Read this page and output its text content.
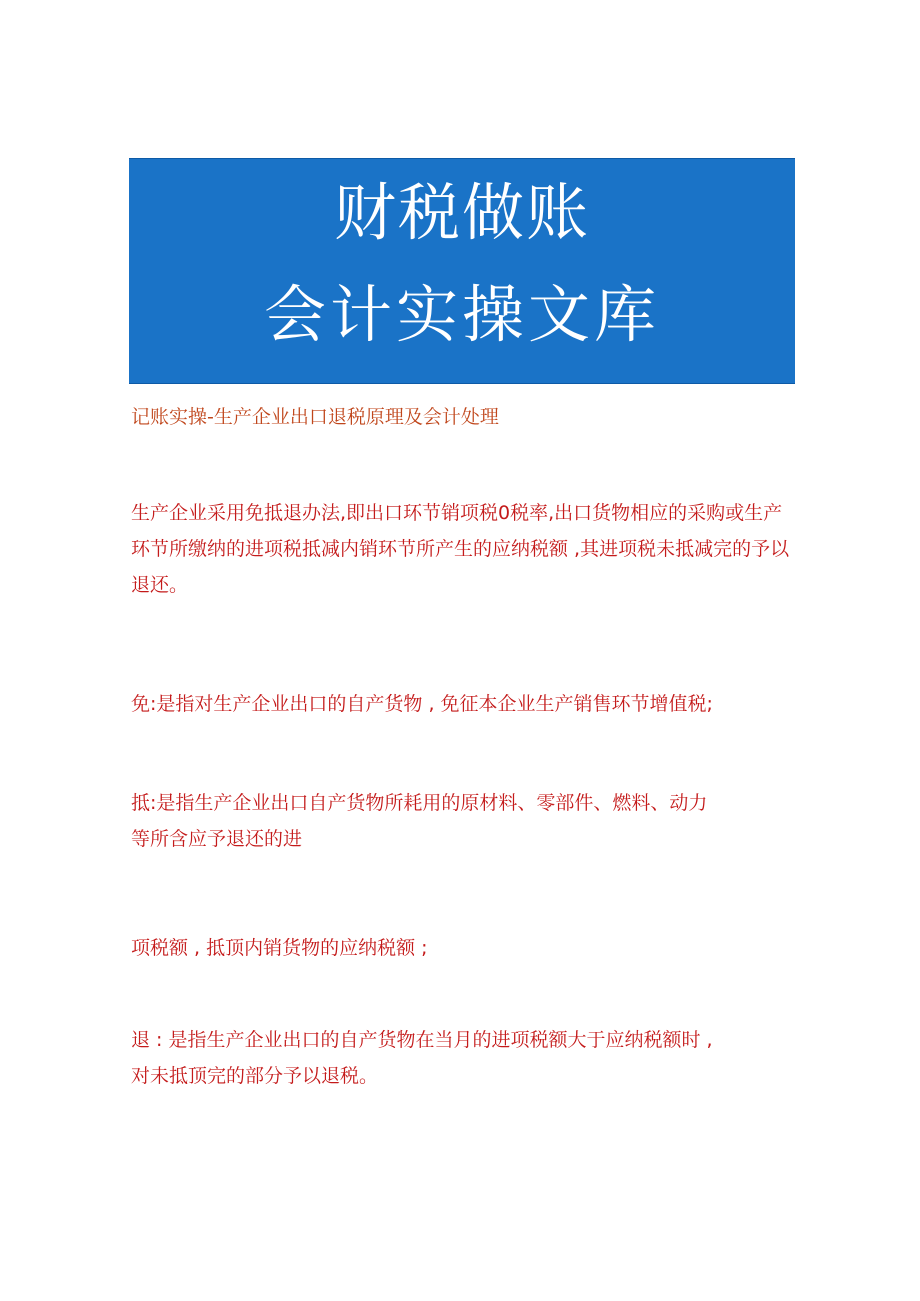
财税做账
会计实操文库
记账实操-生产企业出口退税原理及会计处理
生产企业采用免抵退办法,即出口环节销项税0税率,出口货物相应的采购或生产环节所缴纳的进项税抵减内销环节所产生的应纳税额 ,其进项税未抵减完的予以退还。
免:是指对生产企业出口的自产货物 , 免征本企业生产销售环节增值税;
抵:是指生产企业出口自产货物所耗用的原材料、零部件、燃料、动力
等所含应予退还的进
项税额 , 抵顶内销货物的应纳税额 ;
退 : 是指生产企业出口的自产货物在当月的进项税额大于应纳税额时 ,
对未抵顶完的部分予以退税。
